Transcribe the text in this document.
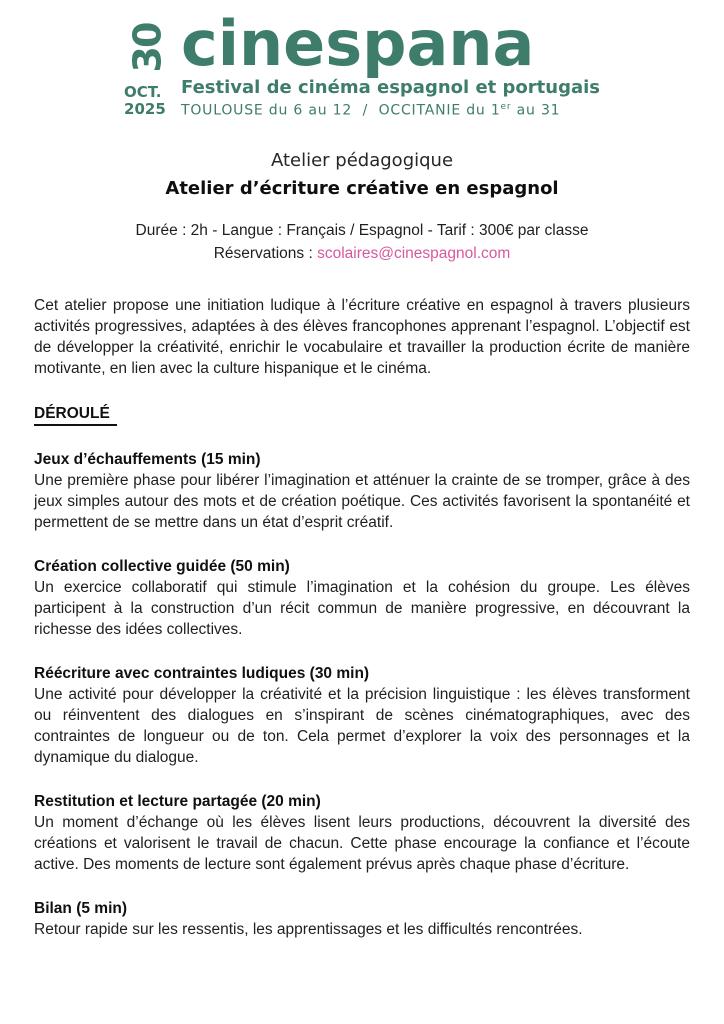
30
OCT.
2025
cinespana
Festival de cinéma espagnol et portugais
TOULOUSE du 6 au 12  /  OCCITANIE du 1er au 31
Atelier pédagogique
Atelier d’écriture créative en espagnol

Durée : 2h - Langue : Français / Espagnol - Tarif : 300€ par classe

Réservations : scolaires@cinespagnol.com

Cet atelier propose une initiation ludique à l’écriture créative en espagnol à travers plusieurs activités progressives, adaptées à des élèves francophones apprenant l’espagnol. L’objectif est de développer la créativité, enrichir le vocabulaire et travailler la production écrite de manière motivante, en lien avec la culture hispanique et le cinéma.

DÉROULÉ
Jeux d’échauffements (15 min)

Une première phase pour libérer l’imagination et atténuer la crainte de se tromper, grâce à des jeux simples autour des mots et de création poétique. Ces activités favorisent la spontanéité et permettent de se mettre dans un état d’esprit créatif.

Création collective guidée (50 min)

Un exercice collaboratif qui stimule l’imagination et la cohésion du groupe. Les élèves participent à la construction d’un récit commun de manière progressive, en découvrant la richesse des idées collectives.

Réécriture avec contraintes ludiques (30 min)

Une activité pour développer la créativité et la précision linguistique : les élèves transforment ou réinventent des dialogues en s’inspirant de scènes cinématographiques, avec des contraintes de longueur ou de ton. Cela permet d’explorer la voix des personnages et la dynamique du dialogue.

Restitution et lecture partagée (20 min)

Un moment d’échange où les élèves lisent leurs productions, découvrent la diversité des créations et valorisent le travail de chacun. Cette phase encourage la confiance et l’écoute active. Des moments de lecture sont également prévus après chaque phase d’écriture.

Bilan (5 min)

Retour rapide sur les ressentis, les apprentissages et les difficultés rencontrées.
